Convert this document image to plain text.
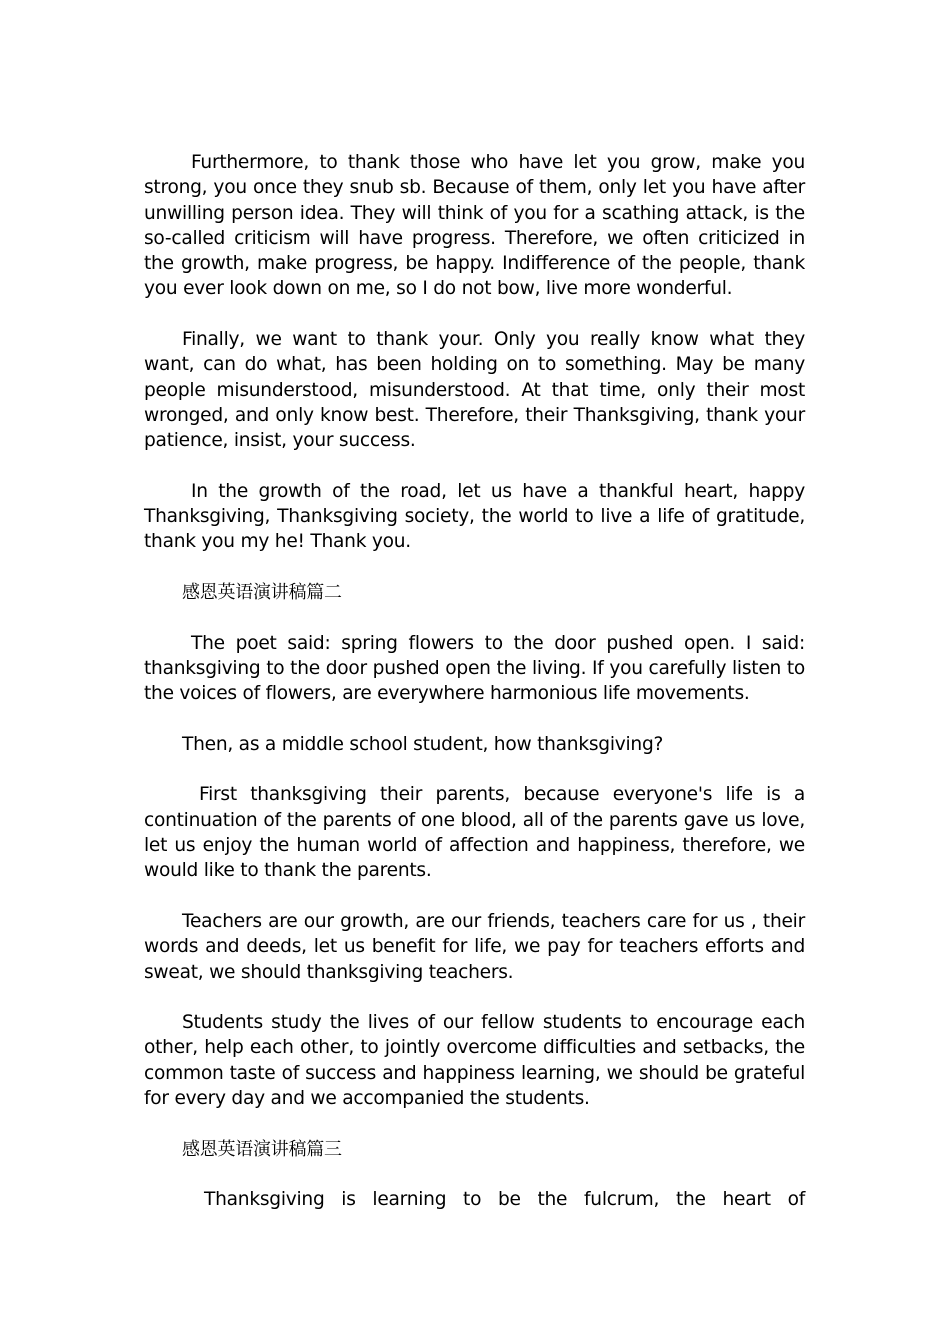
Furthermore, to thank those who have let you grow, make you strong, you once they snub sb. Because of them, only let you have after unwilling person idea. They will think of you for a scathing attack, is the so-called criticism will have progress. Therefore, we often criticized in the growth, make progress, be happy. Indifference of the people, thank you ever look down on me, so I do not bow, live more wonderful.

Finally, we want to thank your. Only you really know what they want, can do what, has been holding on to something. May be many people misunderstood, misunderstood. At that time, only their most wronged, and only know best. Therefore, their Thanksgiving, thank your patience, insist, your success.

In the growth of the road, let us have a thankful heart, happy Thanksgiving, Thanksgiving society, the world to live a life of gratitude, thank you my he! Thank you.

感恩英语演讲稿篇二

The poet said: spring flowers to the door pushed open. I said: thanksgiving to the door pushed open the living. If you carefully listen to the voices of flowers, are everywhere harmonious life movements.

Then, as a middle school student, how thanksgiving?

First thanksgiving their parents, because everyone's life is a continuation of the parents of one blood, all of the parents gave us love, let us enjoy the human world of affection and happiness, therefore, we would like to thank the parents.

Teachers are our growth, are our friends, teachers care for us , their words and deeds, let us benefit for life, we pay for teachers efforts and sweat, we should thanksgiving teachers.

Students study the lives of our fellow students to encourage each other, help each other, to jointly overcome difficulties and setbacks, the common taste of success and happiness learning, we should be grateful for every day and we accompanied the students.

感恩英语演讲稿篇三

Thanksgiving is learning to be the fulcrum, the heart of
